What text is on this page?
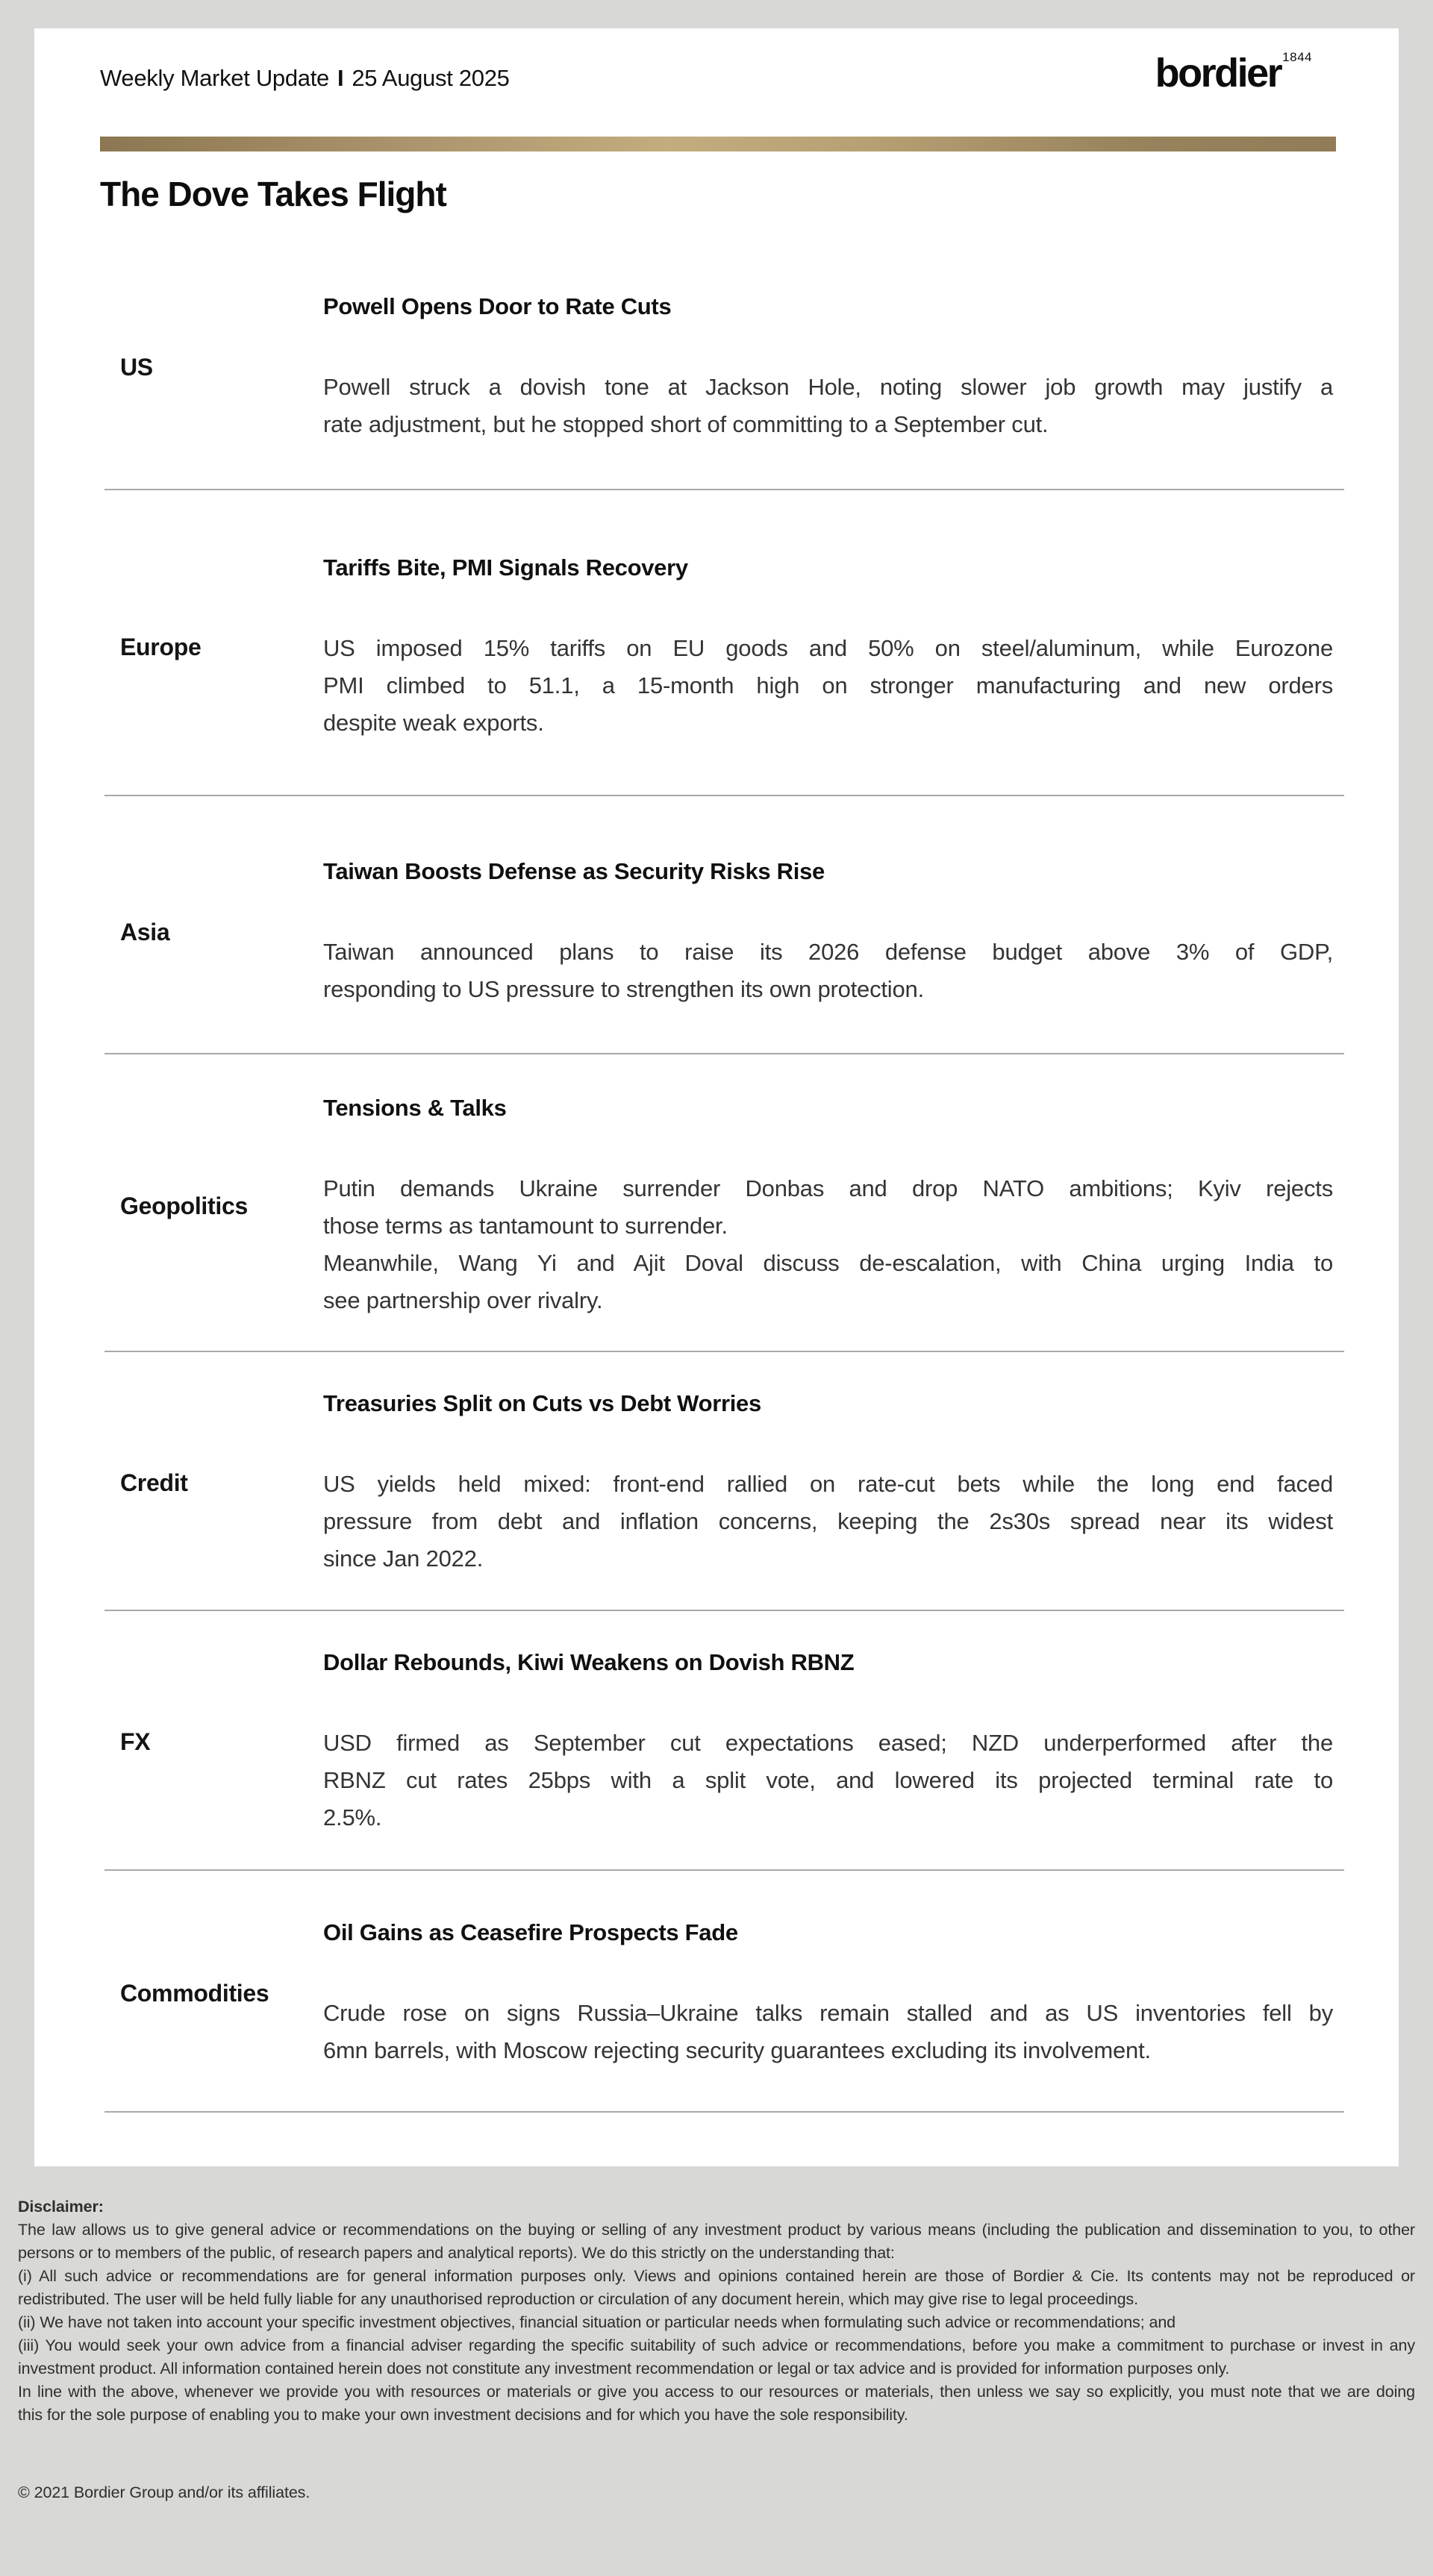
Weekly Market Update I 25 August 2025	bordier 1844
The Dove Takes Flight
US
Powell Opens Door to Rate Cuts
Powell struck a dovish tone at Jackson Hole, noting slower job growth may justify a
rate adjustment, but he stopped short of committing to a September cut.
Europe
Tariffs Bite, PMI Signals Recovery
US imposed 15% tariffs on EU goods and 50% on steel/aluminum, while Eurozone
PMI climbed to 51.1, a 15-month high on stronger manufacturing and new orders
despite weak exports.
Asia
Taiwan Boosts Defense as Security Risks Rise
Taiwan announced plans to raise its 2026 defense budget above 3% of GDP,
responding to US pressure to strengthen its own protection.
Geopolitics
Tensions & Talks
Putin demands Ukraine surrender Donbas and drop NATO ambitions; Kyiv rejects
those terms as tantamount to surrender.
Meanwhile, Wang Yi and Ajit Doval discuss de-escalation, with China urging India to
see partnership over rivalry.
Credit
Treasuries Split on Cuts vs Debt Worries
US yields held mixed: front-end rallied on rate-cut bets while the long end faced
pressure from debt and inflation concerns, keeping the 2s30s spread near its widest
since Jan 2022.
FX
Dollar Rebounds, Kiwi Weakens on Dovish RBNZ
USD firmed as September cut expectations eased; NZD underperformed after the
RBNZ cut rates 25bps with a split vote, and lowered its projected terminal rate to
2.5%.
Commodities
Oil Gains as Ceasefire Prospects Fade
Crude rose on signs Russia–Ukraine talks remain stalled and as US inventories fell by
6mn barrels, with Moscow rejecting security guarantees excluding its involvement.
Disclaimer:
The law allows us to give general advice or recommendations on the buying or selling of any investment product by various means (including the publication and dissemination to you, to other
persons or to members of the public, of research papers and analytical reports). We do this strictly on the understanding that:
(i) All such advice or recommendations are for general information purposes only. Views and opinions contained herein are those of Bordier & Cie. Its contents may not be reproduced or
redistributed. The user will be held fully liable for any unauthorised reproduction or circulation of any document herein, which may give rise to legal proceedings.
(ii) We have not taken into account your specific investment objectives, financial situation or particular needs when formulating such advice or recommendations; and
(iii) You would seek your own advice from a financial adviser regarding the specific suitability of such advice or recommendations, before you make a commitment to purchase or invest in any
investment product. All information contained herein does not constitute any investment recommendation or legal or tax advice and is provided for information purposes only.
In line with the above, whenever we provide you with resources or materials or give you access to our resources or materials, then unless we say so explicitly, you must note that we are doing
this for the sole purpose of enabling you to make your own investment decisions and for which you have the sole responsibility.
© 2021 Bordier Group and/or its affiliates.
